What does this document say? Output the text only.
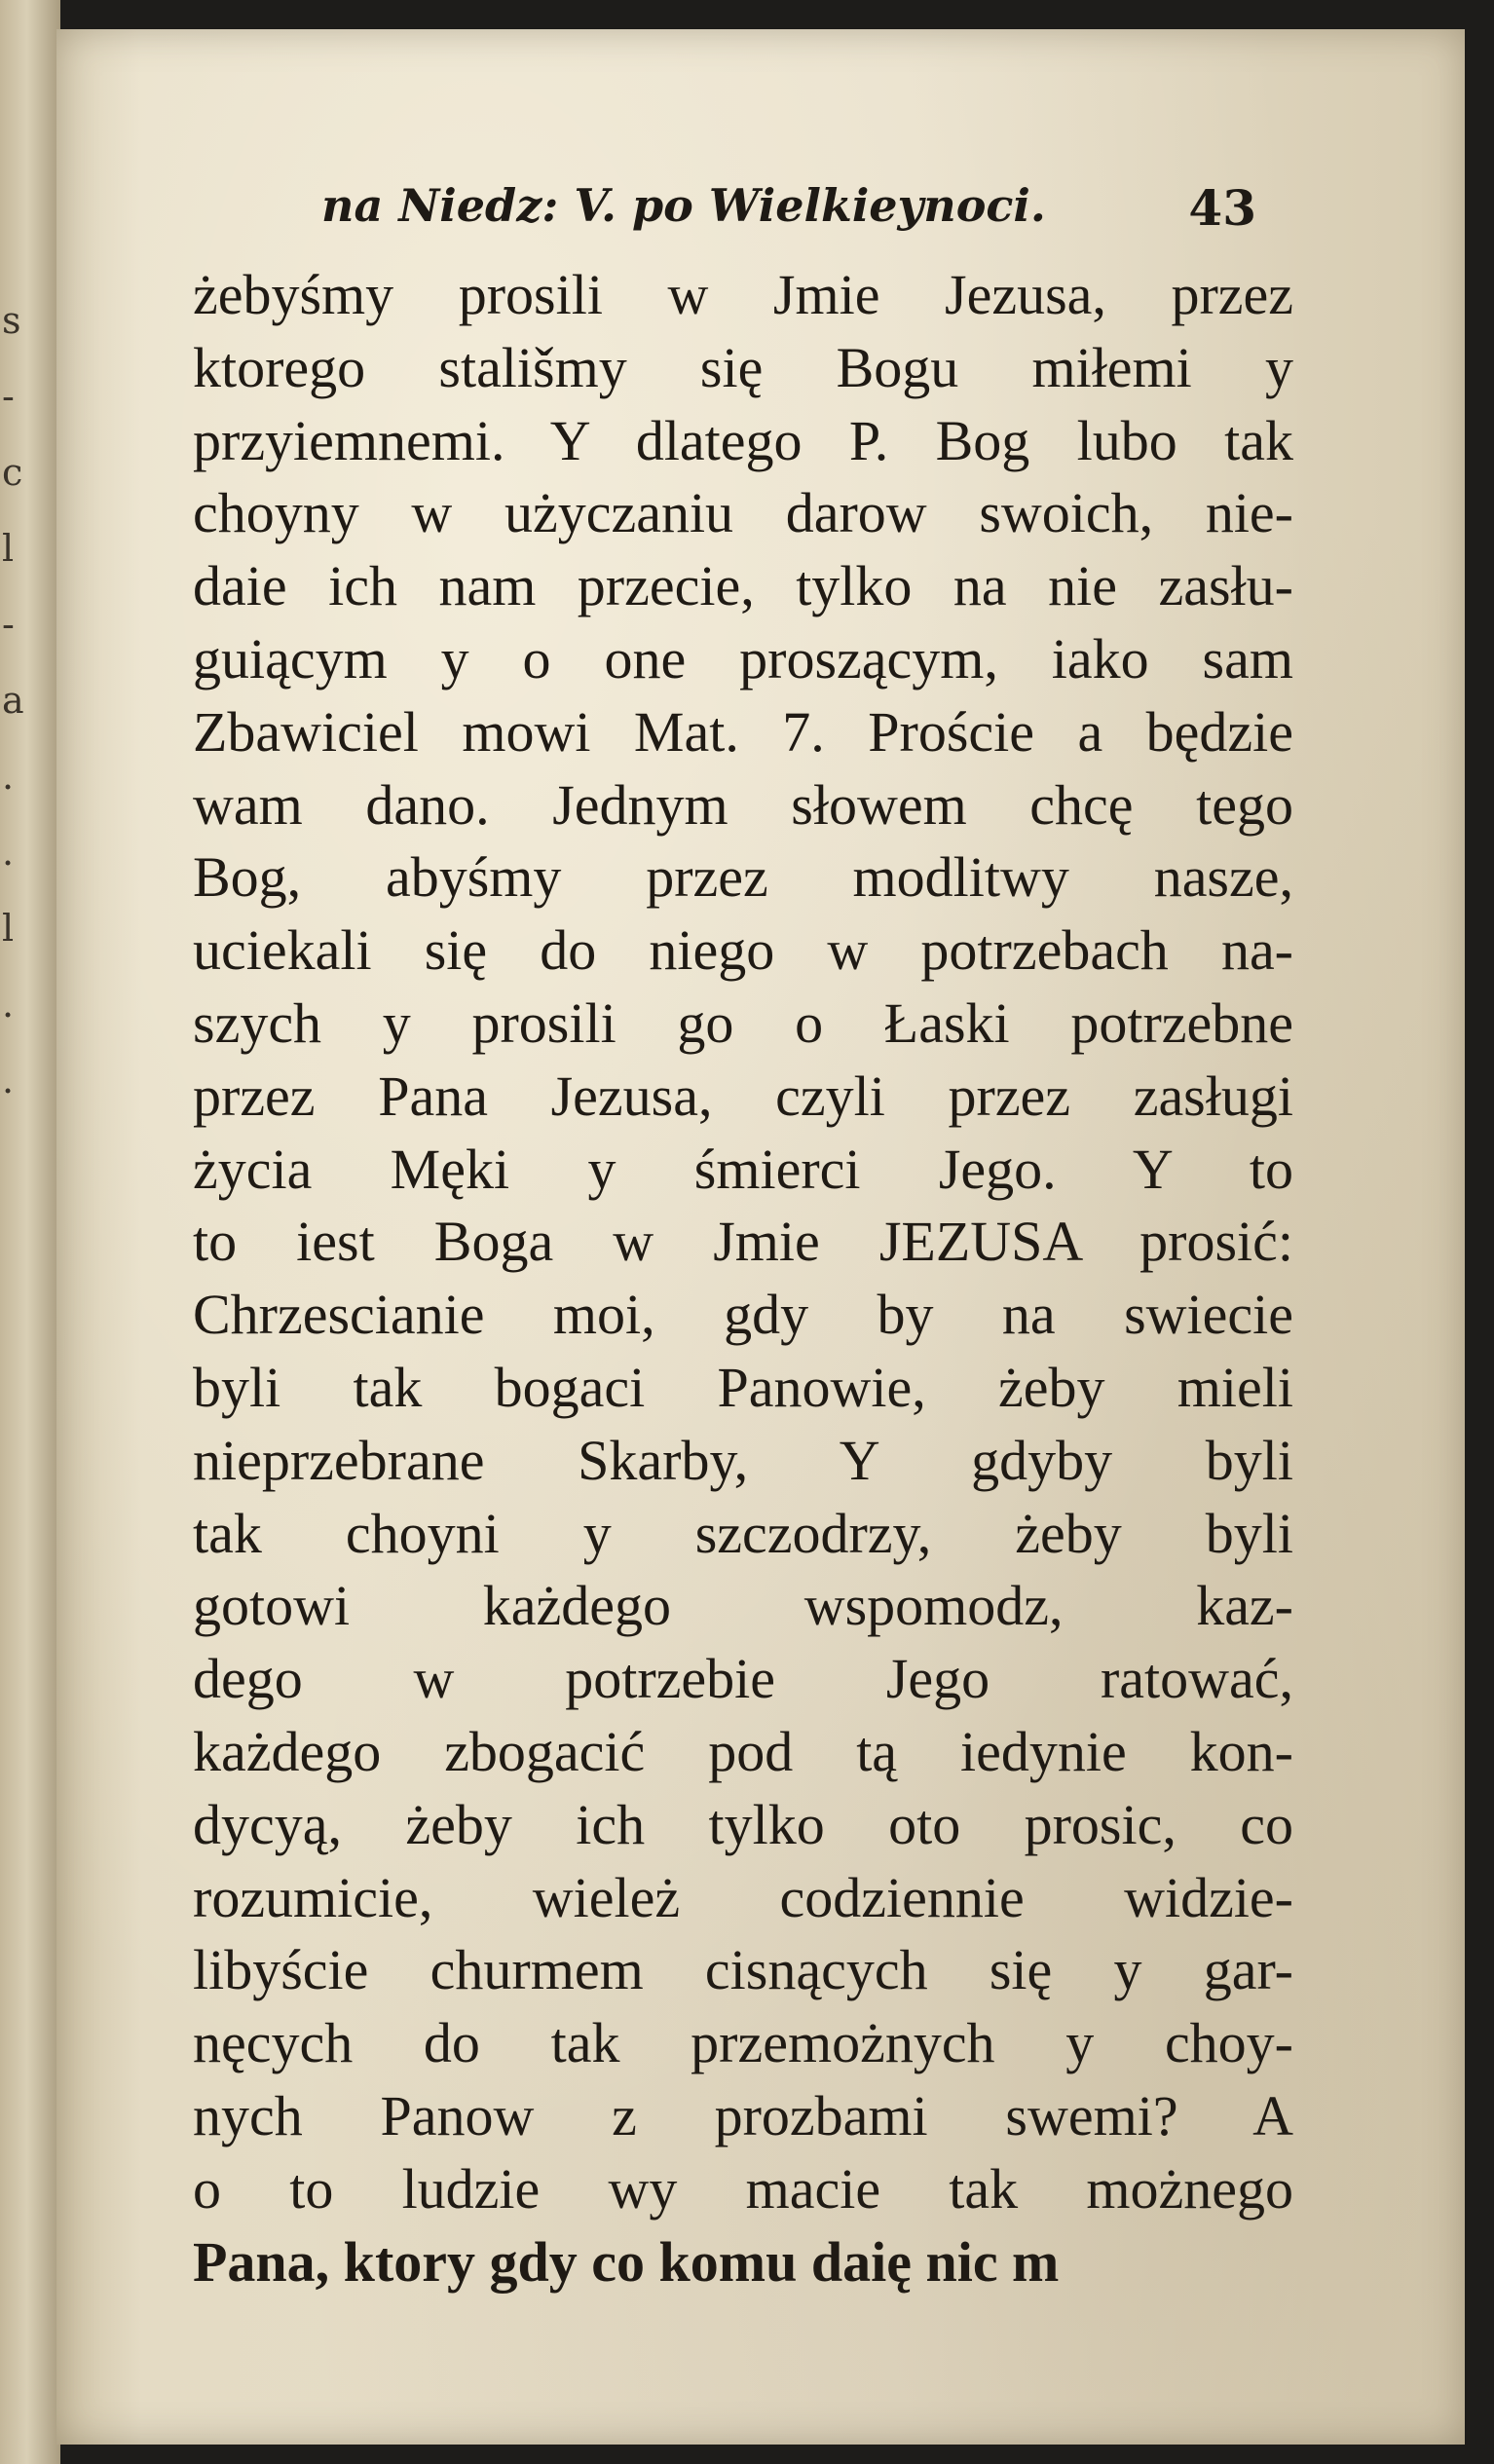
s
-
c
l
-
a
.
.
l
.
.
na Niedz: V. po Wielkieynoci.	43
żebyśmy prosili w Jmie Jezusa, przez
ktorego stališmy się Bogu miłemi y
przyiemnemi. Y dlatego P. Bog lubo tak
choyny w użyczaniu darow swoich, nie-
daie ich nam przecie, tylko na nie zasłu-
guiącym y o one proszącym, iako sam
Zbawiciel mowi Mat. 7. Proście a będzie
wam dano. Jednym słowem chcę tego
Bog, abyśmy przez modlitwy nasze,
uciekali się do niego w potrzebach na-
szych y prosili go o Łaski potrzebne
przez Pana Jezusa, czyli przez zasługi
życia Męki y śmierci Jego. Y to
to iest Boga w Jmie JEZUSA prosić:
Chrzescianie moi, gdy by na swiecie
byli tak bogaci Panowie, żeby mieli
nieprzebrane Skarby, Y gdyby byli
tak choyni y szczodrzy, żeby byli
gotowi każdego wspomodz, kaz-
dego w potrzebie Jego ratować,
każdego zbogacić pod tą iedynie kon-
dycyą, żeby ich tylko oto prosic, co
rozumicie, wieleż codziennie widzie-
libyście churmem cisnących się y gar-
nęcych do tak przemożnych y choy-
nych Panow z prozbami swemi? A
o to ludzie wy macie tak możnego
Pana, ktory gdy co komu daię nic m
